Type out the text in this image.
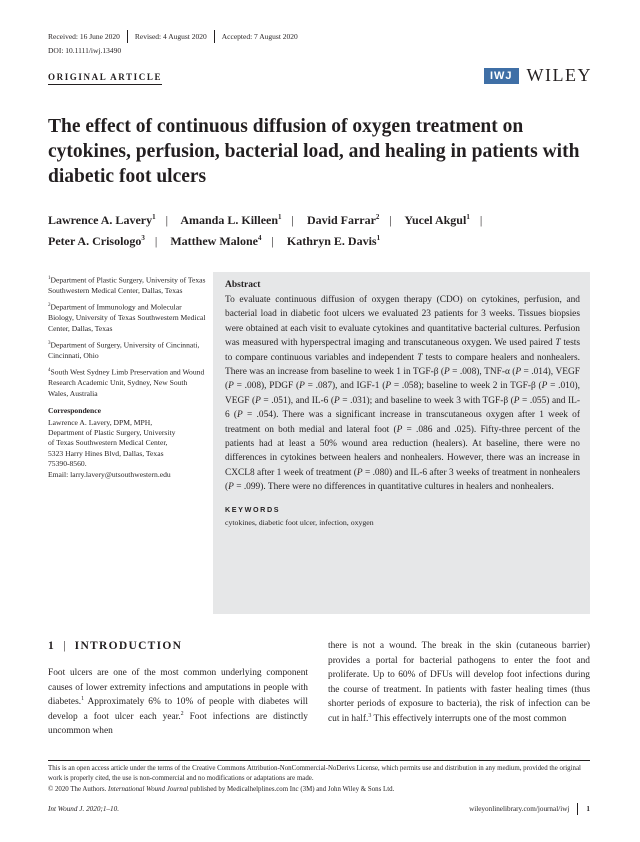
Received: 16 June 2020	Revised: 4 August 2020	Accepted: 7 August 2020
DOI: 10.1111/iwj.13490
ORIGINAL ARTICLE	IWJ WILEY
The effect of continuous diffusion of oxygen treatment on cytokines, perfusion, bacterial load, and healing in patients with diabetic foot ulcers
Lawrence A. Lavery$^1$ | Amanda L. Killeen$^1$ | David Farrar$^2$ | Yucel Akgul$^1$ | Peter A. Crisologo$^3$ | Matthew Malone$^4$ | Kathryn E. Davis$^1$

$^1$Department of Plastic Surgery, University of Texas Southwestern Medical Center, Dallas, Texas

$^2$Department of Immunology and Molecular Biology, University of Texas Southwestern Medical Center, Dallas, Texas

$^3$Department of Surgery, University of Cincinnati, Cincinnati, Ohio

$^4$South West Sydney Limb Preservation and Wound Research Academic Unit, Sydney, New South Wales, Australia

Correspondence

Lawrence A. Lavery, DPM, MPH,
Department of Plastic Surgery, University
of Texas Southwestern Medical Center,
5323 Harry Hines Blvd, Dallas, Texas
75390-8560.
Email: larry.lavery@utsouthwestern.edu
Abstract
To evaluate continuous diffusion of oxygen therapy (CDO) on cytokines, perfusion, and bacterial load in diabetic foot ulcers we evaluated 23 patients for 3 weeks. Tissues biopsies were obtained at each visit to evaluate cytokines and quantitative bacterial cultures. Perfusion was measured with hyperspectral imaging and transcutaneous oxygen. We used paired T tests to compare continuous variables and independent T tests to compare healers and nonhealers. There was an increase from baseline to week 1 in TGF-β (P = .008), TNF-α (P = .014), VEGF (P = .008), PDGF (P = .087), and IGF-1 (P = .058); baseline to week 2 in TGF-β (P = .010), VEGF (P = .051), and IL-6 (P = .031); and baseline to week 3 with TGF-β (P = .055) and IL-6 (P = .054). There was a significant increase in transcutaneous oxygen after 1 week of treatment on both medial and lateral foot (P = .086 and .025). Fifty-three percent of the patients had at least a 50% wound area reduction (healers). At baseline, there were no differences in cytokines between healers and nonhealers. However, there was an increase in CXCL8 after 1 week of treatment (P = .080) and IL-6 after 3 weeks of treatment in nonhealers (P = .099). There were no differences in quantitative cultures in healers and nonhealers.
KEYWORDS
cytokines, diabetic foot ulcer, infection, oxygen
1 | INTRODUCTION
Foot ulcers are one of the most common underlying component causes of lower extremity infections and amputations in people with diabetes.$^1$ Approximately 6% to 10% of people with diabetes will develop a foot ulcer each year.$^2$ Foot infections are distinctly uncommon when
there is not a wound. The break in the skin (cutaneous barrier) provides a portal for bacterial pathogens to enter the foot and proliferate. Up to 60% of DFUs will develop foot infections during the course of treatment. In patients with faster healing times (thus shorter periods of exposure to bacteria), the risk of infection can be cut in half.$^3$ This effectively interrupts one of the most common
This is an open access article under the terms of the Creative Commons Attribution-NonCommercial-NoDerivs License, which permits use and distribution in any medium, provided the original work is properly cited, the use is non-commercial and no modifications or adaptations are made.
© 2020 The Authors. International Wound Journal published by Medicalhelplines.com Inc (3M) and John Wiley & Sons Ltd.
Int Wound J. 2020;1–10.	wileyonlinelibrary.com/journal/iwj 1
